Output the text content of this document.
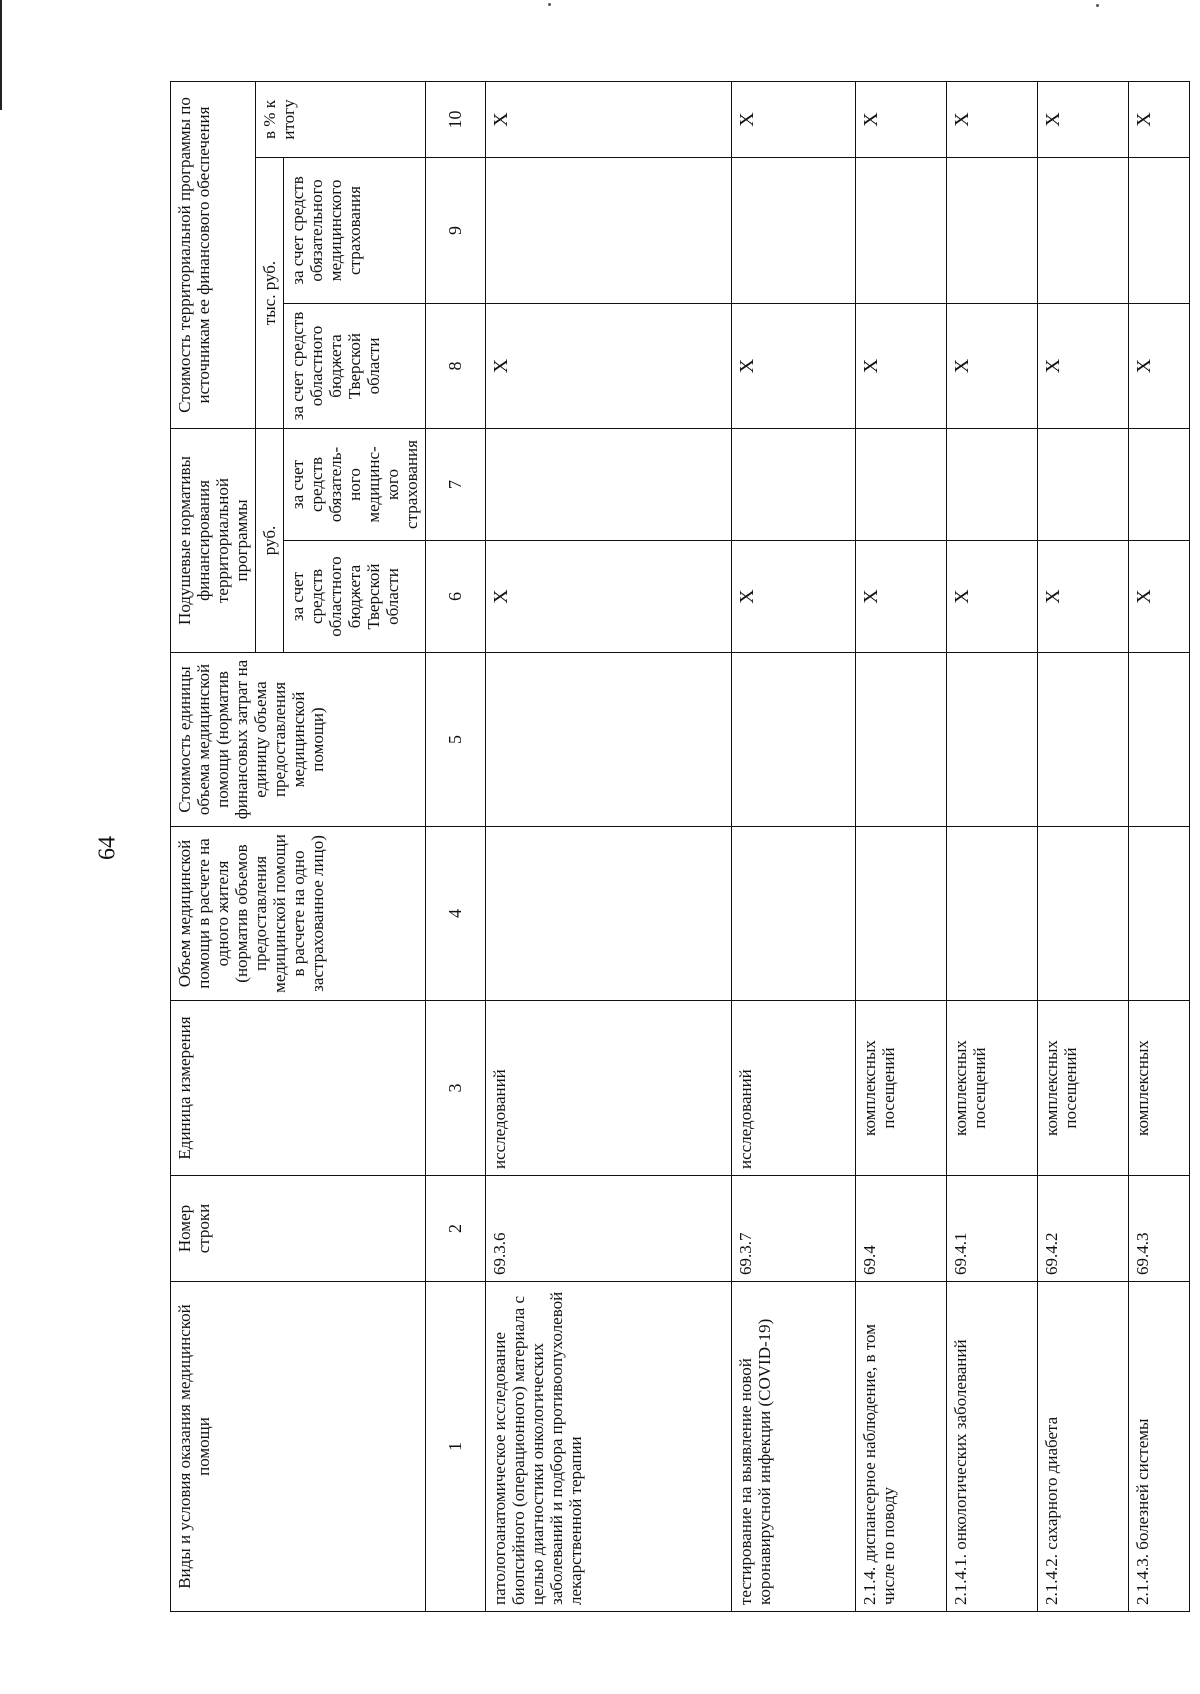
64
Виды и условия оказания медицинской помощи	Номер строки	Единица измерения	Объем медицинской помощи в расчете на одного жителя (норматив объемов предоставления медицинской помощи в расчете на одно застрахованное лицо)	Стоимость единицы объема медицинской помощи (норматив финансовых затрат на единицу объема предоставления медицинской помощи)	Подушевые нормативы финансирования территориальной программы		Стоимость территориальной программы по источникам ее финансового обеспечения		
					руб.		тыс. руб.		в % к итогу
					за счет средств областного бюджета Тверской области	за счет средств обязатель-ного медицинс-кого страхования	за счет средств областного бюджета Тверской области	за счет средств обязательного медицинского страхования	
1	2	3	4	5	6	7	8	9	10
патологоанатомическое исследование биопсийного (операционного) материала с целью диагностики онкологических заболеваний и подбора противоопухолевой лекарственной терапии	69.3.6	исследований			Х		Х		Х
тестирование на выявление новой коронавирусной инфекции (COVID-19)	69.3.7	исследований			Х		Х		Х
2.1.4. диспансерное наблюдение, в том числе по поводу	69.4	комплексных посещений			Х		Х		Х
2.1.4.1. онкологических заболеваний	69.4.1	комплексных посещений			Х		Х		Х
2.1.4.2. сахарного диабета	69.4.2	комплексных посещений			Х		Х		Х
2.1.4.3. болезней системы	69.4.3	комплексных			Х		Х		Х
